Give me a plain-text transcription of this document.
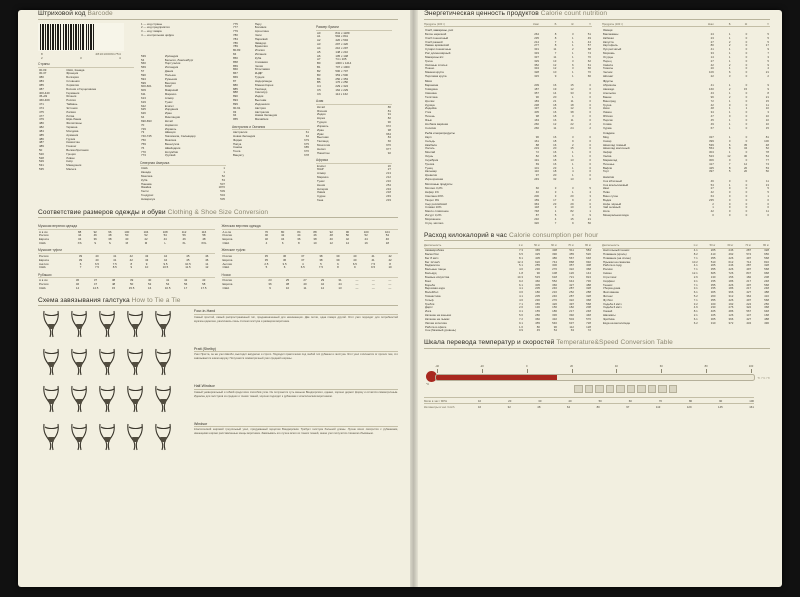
Штриховой код Barcode
8	4810100091754
2	3	4
Страны
00-09	США, Канада
30-37	Франция
380	Болгария
383	Словения
385	Хорватия
387	Босния и Герцеговина
400-440	Германия
45+49	Япония
460-469	Россия
471	Тайвань
474	Эстония
475	Латвия
477	Литва
479	Шри-Ланка
480	Филиппины
482	Украина
484	Молдова
485	Армения
486	Грузия
487	Казахстан
489	Гонконг
50	Великобритания
520	Греция
528	Ливан
529	Кипр
531	Македония
535	Мальта
1 — код страны
2 — код предприятия
3 — код товара
4 — контрольная цифра
539	Ирландия
54	Бельгия, Люксембург
560	Португалия
569	Исландия
57	Дания
590	Польша
594	Румыния
599	Венгрия
600-601	ЮАР
609	Маврикий
611	Марокко
613	Алжир
619	Тунис
622	Египет
625	Иордания
626	Иран
64	Финляндия
690-693	Китай
70	Норвегия
729	Израиль
73	Швеция
740-745	Гватемала, Сальвадор
750	Мексика
759	Венесуэла
76	Швейцария
770	Колумбия
773	Уругвай
Северная Америка
США	1
Канада	1
Мексика	52
Куба	53
Панама	507
Ямайка	1876
Гаити	509
Гондурас	504
Никарагуа	505
775	Перу
777	Боливия
779	Аргентина
780	Чили
784	Парагвай
786	Эквадор
789	Бразилия
80-83	Италия
84	Испания
850	Куба
858	Словакия
859	Чехия
860	Югославия
867	КНДР
869	Турция
87	Нидерланды
880	Южная Корея
885	Таиланд
888	Сингапур
890	Индия
893	Вьетнам
899	Индонезия
90-91	Австрия
93	Австралия
94	Новая Зеландия
955	Малайзия
Австралия и Океания
Австралия	61
Новая Зеландия	64
Фиджи	679
Папуа	675
Самоа	685
Тонга	676
Вануату	678
Размер бумаги
A0	841 x 1189
A1	594 x 841
A2	420 x 594
A3	297 x 420
A4	210 x 297
A5	148 x 210
A6	105 x 148
A7	74 x 105
B0	1000 x 1414
B1	707 x 1000
B2	500 x 707
B3	353 x 500
B4	250 x 353
B5	176 x 250
C4	229 x 324
C5	162 x 229
C6	114 x 162
Азия
Китай	86
Япония	81
Индия	91
Корея	82
Турция	90
Израиль	972
Иран	98
Ирак	964
Вьетнам	84
Таиланд	66
Монголия	976
Непал	977
Пакистан	92
Африка
Египет	20
ЮАР	27
Алжир	213
Марокко	212
Тунис	216
Кения	254
Нигерия	234
Ливия	218
Судан	249
Гана	233
Соответствие размеров одежды и обуви Clothing & Shoe Size Conversion
Мужская верхняя одежда
А в см	88	92	96	100	104	108	112	116
Россия	44	46	48	50	52	54	56	58
Европа	34	36	38	40	42	44	46	48
США	XS	S	S	M	M	L	XL	XXL
Мужские туфли
Россия	39	40	41	42	43	44	45	46
Европа	39	40	41	42	43	44	45	46
Англия	6	6.5	7.5	8	9	9.5	10.5	11
США	7	7.5	8.5	9	10	10.5	11.5	12
Рубашки
А в см	36	37	38	39	40	41	42	43
Россия	46	47	48	50	52	54	56	58
США	14	14.5	15	15.5	16	16.5	17	17.5
Женская верхняя одежда
А в см	76	80	84	88	92	96	100	104
Россия	40	42	44	46	48	50	52	54
Европа	32	34	36	38	40	42	44	46
США	4	6	8	10	12	14	16	18
Женские туфли
Россия	35	36	37	38	39	40	41	42
Европа	35	36	37	38	39	40	41	42
Англия	2.5	3.5	4	5	6	6.5	7.5	8
США	5	6	6.5	7.5	8	9	9.5	10
Носки
Россия	23	25	27	29	31	—	—	—
Европа	36	38	40	42	44	—	—	—
США	9	10	11	12	13	—	—	—
Схема завязывания галстука How to Tie a Tie
Four-in-Hand
Самый простой, самый распространённый тип, предназначенный для начинающих. Две петли, одна поверх другой. Этот узел подходит для потребностей мужчин-одиночек, различаясь лишь стилем галстука и размером воротника.
Pratt (Shelby)
Узел Пратта, он же узел Шелби, выглядит аккуратно и строго. Подходит практически под любой тип рубашки и галстука. Этот узел отличается от прочих тем, что завязывается швом наружу. Получается симметричный узел средней ширины.
Half-Windsor
Самый универсальный и гибкий среди всех способов узла. Он получается чуть меньше Виндзорского, однако, хорошо держит форму и остаётся симметричным. Идеален для галстуков из средних и тонких тканей, хорошо подходит к рубашкам с классическим воротником.
Windsor
Классический широкий треугольный узел, придуманный герцогом Виндзорским. Требует галстука большой длины. Лучше всего смотрится с рубашками, имеющими широко расставленные концы воротника. Завязывать его лучше всего из тонких тканей, иначе узел получится слишком объёмным.
Энергетическая ценность продуктов Calorie count nutrition
Продукты (100 г)	Ккал	Б	Ж	У
Хлеб, макароны, рис				
Батон нарезной	264	8	3	51
Хлеб пшеничный	235	8	1	49
Хлеб ржаной	214	7	1	44
Лаваш армянский	277	8	1	57
Сухари пшеничные	331	11	2	68
Рис длиннозёрный	333	7	1	74
Макароны в/с	337	11	1	70
Греча	329	13	3	62
Овсяные хлопья	352	12	6	61
Пшено	334	12	3	66
Манная крупа	328	10	1	70
Перловая крупа	315	9	1	66
Мясо				
Баранина	209	16	15	0
Говядина	187	19	12	0
Свинина	357	14	33	0
Телятина	90	20	1	0
Кролик	183	21	11	0
Курица	238	18	18	0
Индейка	197	21	12	0
Утка	405	16	38	0
Печень	98	18	3	0
Язык	163	16	11	0
Колбаса варёная	260	12	22	2
Сосиски	266	11	24	2
Рыба и морепродукты				
Карп	96	16	3	0
Сельдь	161	18	9	0
Камбала	88	16	2	0
Лосось	219	20	15	0
Минтай	72	16	1	0
Окунь	82	18	1	0
Скумбрия	191	18	13	0
Треска	69	16	1	0
Тунец	101	23	1	0
Кальмар	110	18	4	0
Креветки	97	20	1	0
Икра красная	249	32	13	0
Молочные продукты				
Молоко 3,2%	60	3	3	5
Кефир 1%	40	3	1	4
Сметана 20%	206	3	20	3
Творог 9%	159	17	9	2
Сыр российский	363	23	29	0
Сливки 10%	118	3	10	4
Масло сливочное	748	1	82	1
Йогурт 3,2%	87	5	3	9
Мороженое	232	4	15	21
Сгущ. молоко	320	7	9	56
Продукты (100 г)	Ккал	Б	Ж	У
Овощи				
Баклажаны	24	1	0	5
Кабачки	23	1	0	5
Капуста	27	2	0	5
Картофель	80	2	0	17
Лук репчатый	41	1	0	9
Морковь	33	1	0	7
Огурцы	14	1	0	3
Перец	27	1	0	5
Свёкла	42	2	0	9
Томаты	20	1	0	4
Чеснок	106	6	0	21
Шпинат	22	3	0	2
Фрукты				
Абрикосы	41	1	0	9
Авокадо	160	2	15	9
Апельсин	43	1	0	8
Банан	96	2	0	21
Виноград	72	1	0	15
Груша	42	0	0	11
Киви	48	1	1	10
Лимон	34	1	0	3
Яблоко	47	0	0	10
Персик	45	1	0	10
Слива	49	1	0	10
Хурма	67	1	0	15
Сладкое				
Мёд	327	1	0	81
Сахар	399	0	0	100
Шоколад тёмный	539	6	35	48
Шоколад молочный	554	8	34	52
Зефир	304	1	0	78
Халва	523	12	30	54
Мармелад	306	0	0	77
Печенье	417	7	12	74
Вафли	425	8	20	53
Торт	397	5	20	50
Напитки				
Сок яблочный	46	0	0	11
Сок апельсиновый	54	1	0	13
Квас	27	0	0	5
Пиво	42	0	0	5
Вино сухое	64	0	0	1
Водка	235	0	0	0
Кофе чёрный	2	0	0	0
Чай зелёный	1	0	0	0
Кола	42	0	0	11
Минеральная вода	0	0	0	0
Расход килокалорий в час Calorie consumption per hour
Деятельность	1 кг	50 кг	60 кг	70 кг	80 кг
Аквааэробика	7.3	365	438	511	584
Баскетбол	6.5	325	390	455	520
Бег 8 км/ч	8.1	405	486	567	648
Бег 12 км/ч	12.4	620	744	868	992
Бадминтон	5.1	255	306	357	408
Бальные танцы	4.6	230	276	322	368
Бильярд	1.8	90	108	126	144
Боевые искусства	10.3	515	618	721	824
Бокс	9.2	460	552	644	736
Борьба	6.1	305	366	427	488
Верховая езда	4.1	205	246	287	328
Волейбол	3.6	180	216	252	288
Гимнастика	4.1	205	246	287	328
Гольф	4.6	230	276	322	368
Гребля	7.1	355	426	497	568
Дартс	2.6	130	156	182	208
Йога	3.1	155	186	217	248
Катание на коньках	5.6	280	336	392	448
Катание на лыжах	7.2	360	432	504	576
Лёгкая атлетика	9.1	455	546	637	728
Работа в офисе	1.6	80	96	112	128
Сон (базовый уровень)	0.9	45	54	63	72
Деятельность	1 кг	50 кг	60 кг	70 кг	80 кг
Настольный теннис	4.1	205	246	287	328
Плавание (кроль)	8.2	410	492	574	656
Плавание (на спине)	7.1	355	426	497	568
Прыжки на скакалке	10.2	510	612	714	816
Работа в саду	4.1	205	246	287	328
Ролики	7.1	355	426	497	568
Сквош	12.1	605	726	847	968
Стретчинг	2.6	130	156	182	208
Сёрфинг	3.1	155	186	217	248
Теннис	7.1	355	426	497	568
Уборка дома	3.1	155	186	217	248
Фехтование	6.1	305	366	427	488
Фитнес	5.2	260	312	364	416
Футбол	7.1	355	426	497	568
Ходьба 4 км/ч	3.2	160	192	224	256
Ходьба 6 км/ч	4.6	230	276	322	368
Хоккей	8.1	405	486	567	648
Шахматы	2.1	105	126	147	168
Эробика	6.1	305	366	427	488
Ездa на велосипеде	6.2	310	372	434	496
Шкала перевода температур и скоростей Temperature&Speed Conversion Table
-40	-20	0	20	40	60	80	100
°C
°F / °C / °F
Мили в час / MPH	10	20	30	40	50	60	70	80	90	100
Километры в час / km/h	16	32	48	64	80	97	113	129	145	161
